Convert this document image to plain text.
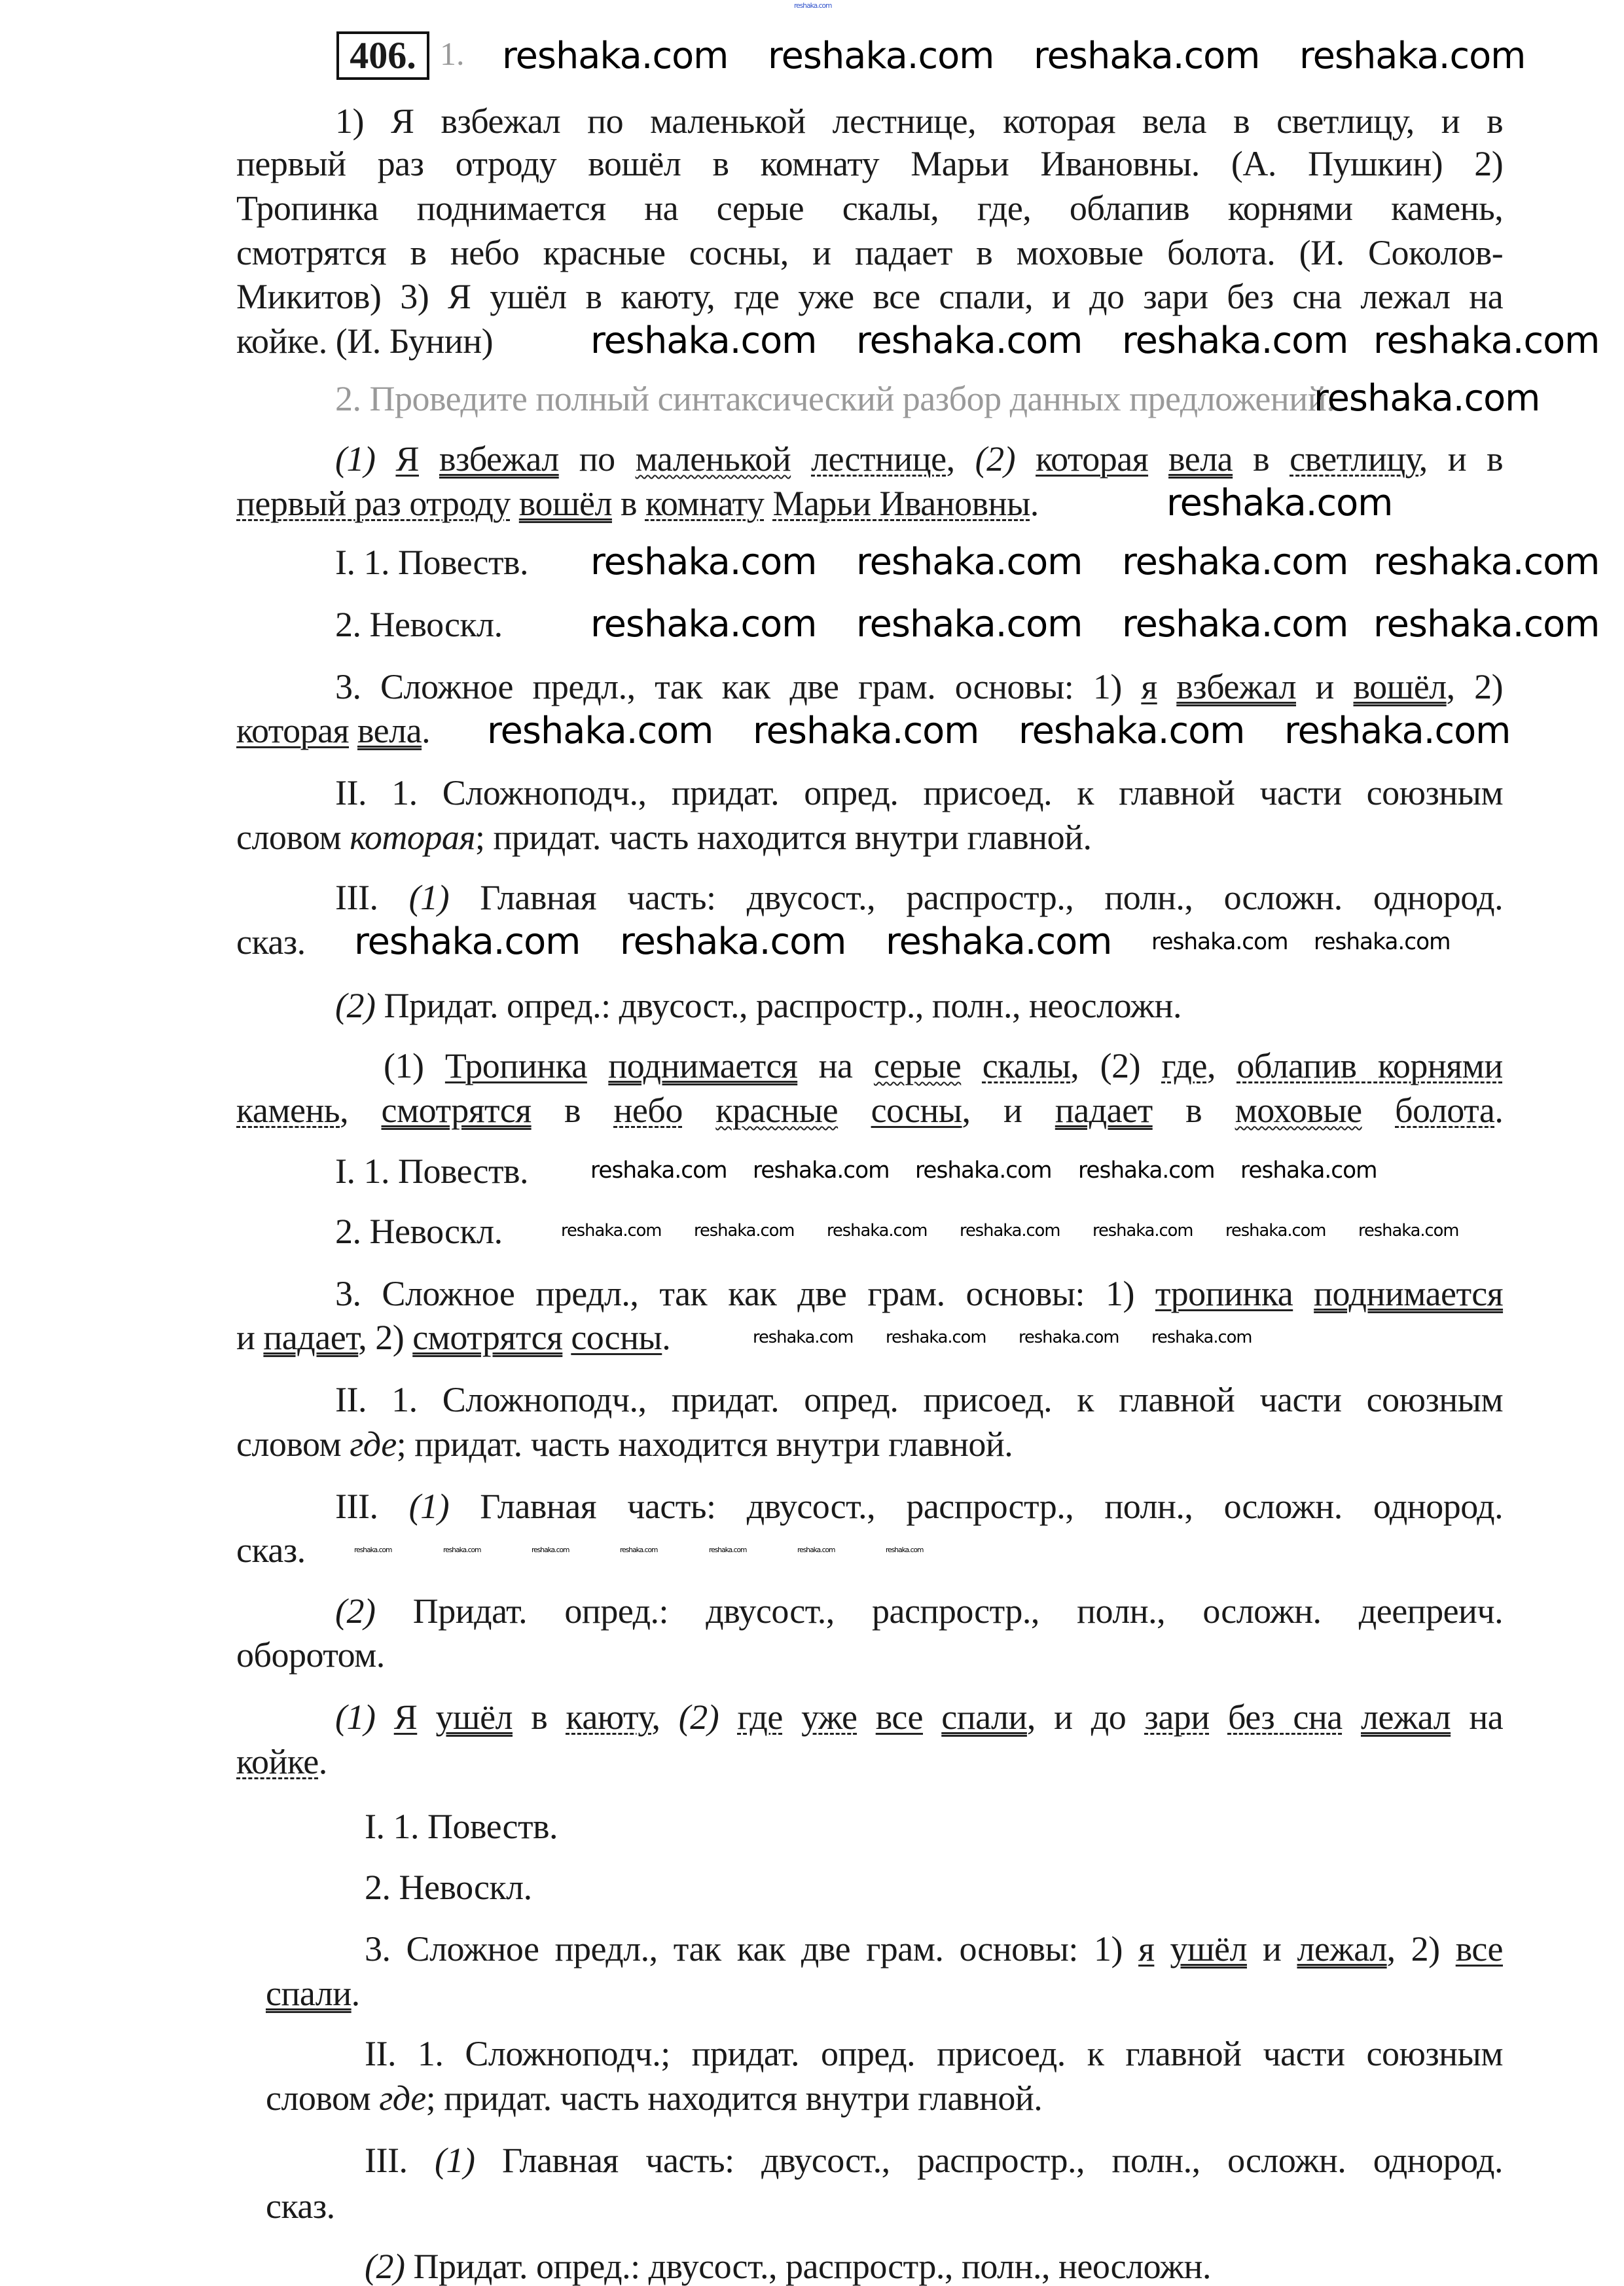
406. 1.
1) Я взбежал по маленькой лестнице, которая вела в светлицу, и в
первый раз отроду вошёл в комнату Марьи Ивановны. (А. Пушкин) 2)
Тропинка поднимается на серые скалы, где, облапив корнями камень,
смотрятся в небо красные сосны, и падает в моховые болота. (И. Соколов-
Микитов) 3) Я ушёл в каюту, где уже все спали, и до зари без сна лежал на
койке. (И. Бунин)
2. Проведите полный синтаксический разбор данных предложений.
(1) Я взбежал по маленькой лестнице, (2) которая вела в светлицу, и в
первый раз отроду вошёл в комнату Марьи Ивановны.
I. 1. Повеств.
2. Невоскл.
3. Сложное предл., так как две грам. основы: 1) я взбежал и вошёл, 2)
которая вела.
II. 1. Сложноподч., придат. опред. присоед. к главной части союзным
словом которая; придат. часть находится внутри главной.
III. (1) Главная часть: двусост., распростр., полн., осложн. однород.
сказ.
(2) Придат. опред.: двусост., распростр., полн., неосложн.
(1) Тропинка поднимается на серые скалы, (2) где, облапив корнями
камень, смотрятся в небо красные сосны, и падает в моховые болота.
I. 1. Повеств.
2. Невоскл.
3. Сложное предл., так как две грам. основы: 1) тропинка поднимается
и падает, 2) смотрятся сосны.
II. 1. Сложноподч., придат. опред. присоед. к главной части союзным
словом где; придат. часть находится внутри главной.
III. (1) Главная часть: двусост., распростр., полн., осложн. однород.
сказ.
(2) Придат. опред.: двусост., распростр., полн., осложн. деепрeич.
оборотом.
(1) Я ушёл в каюту, (2) где уже все спали, и до зари без сна лежал на
койке.
I. 1. Повеств.
2. Невоскл.
3. Сложное предл., так как две грам. основы: 1) я ушёл и лежал, 2) все
спали.
II. 1. Сложноподч.; придат. опред. присоед. к главной части союзным
словом где; придат. часть находится внутри главной.
III. (1) Главная часть: двусост., распростр., полн., осложн. однород.
сказ.
(2) Придат. опред.: двусост., распростр., полн., неосложн.
reshaka.com
reshaka.com reshaka.com reshaka.com reshaka.com
reshaka.com reshaka.com reshaka.com reshaka.com
reshaka.com
reshaka.com
reshaka.com reshaka.com reshaka.com reshaka.com
reshaka.com reshaka.com reshaka.com reshaka.com
reshaka.com reshaka.com reshaka.com reshaka.com
reshaka.com reshaka.com reshaka.com reshaka.com reshaka.com
reshaka.com reshaka.com reshaka.com reshaka.com reshaka.com
reshaka.com reshaka.com reshaka.com reshaka.com reshaka.com reshaka.com reshaka.com
reshaka.com reshaka.com reshaka.com reshaka.com
reshaka.com	reshaka.com	reshaka.com	reshaka.com	reshaka.com	reshaka.com	reshaka.com
